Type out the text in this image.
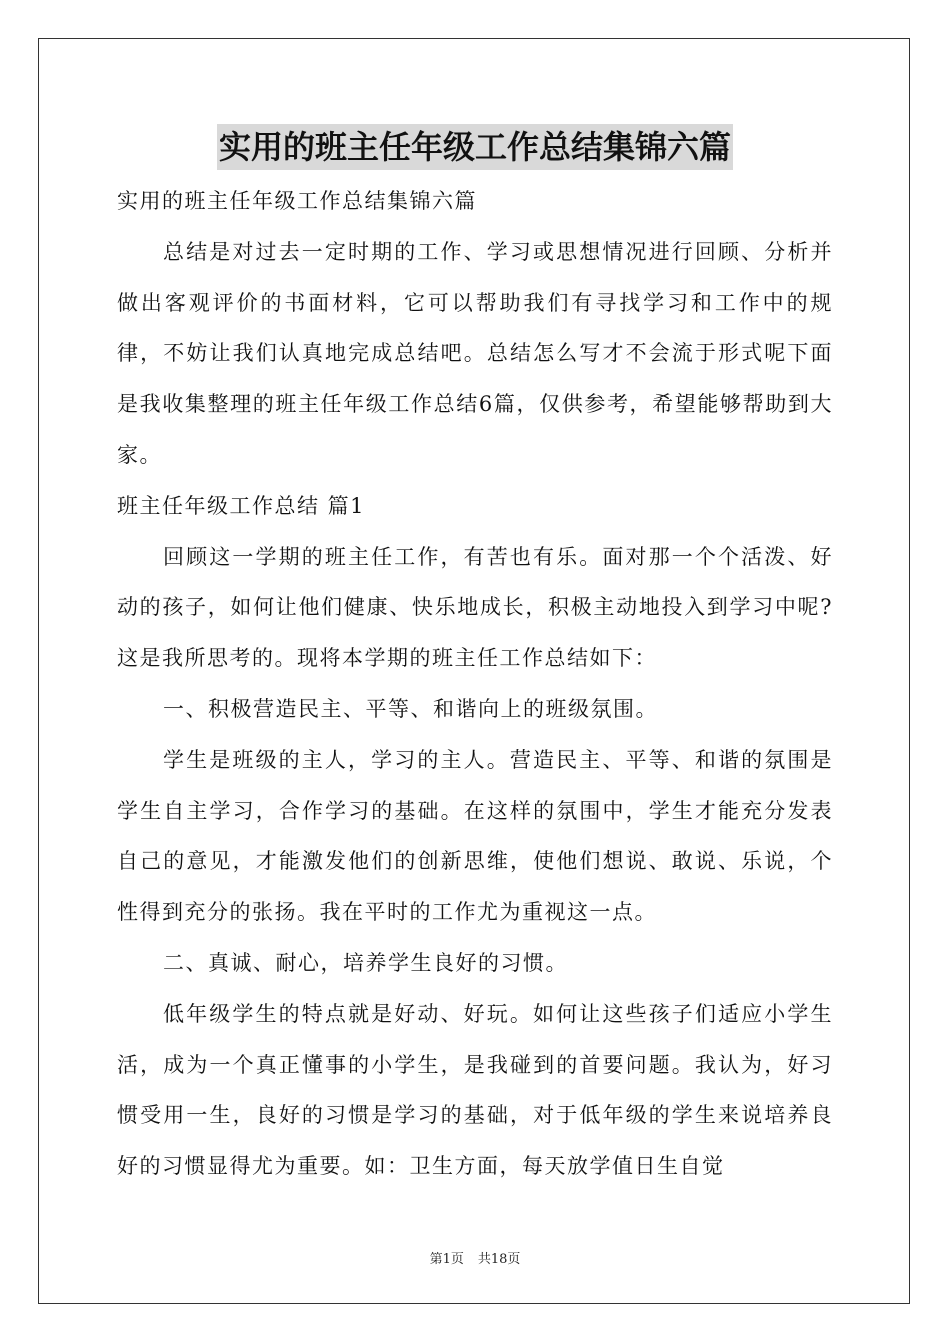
实用的班主任年级工作总结集锦六篇

实用的班主任年级工作总结集锦六篇

总结是对过去一定时期的工作、学习或思想情况进行回顾、分析并做出客观评价的书面材料，它可以帮助我们有寻找学习和工作中的规律，不妨让我们认真地完成总结吧。总结怎么写才不会流于形式呢下面是我收集整理的班主任年级工作总结6篇，仅供参考，希望能够帮助到大家。

班主任年级工作总结 篇1

回顾这一学期的班主任工作，有苦也有乐。面对那一个个活泼、好动的孩子，如何让他们健康、快乐地成长，积极主动地投入到学习中呢?这是我所思考的。现将本学期的班主任工作总结如下：

一、积极营造民主、平等、和谐向上的班级氛围。

学生是班级的主人，学习的主人。营造民主、平等、和谐的氛围是学生自主学习，合作学习的基础。在这样的氛围中，学生才能充分发表自己的意见，才能激发他们的创新思维，使他们想说、敢说、乐说，个性得到充分的张扬。我在平时的工作尤为重视这一点。

二、真诚、耐心，培养学生良好的习惯。

低年级学生的特点就是好动、好玩。如何让这些孩子们适应小学生活，成为一个真正懂事的小学生，是我碰到的首要问题。我认为，好习惯受用一生，良好的习惯是学习的基础，对于低年级的学生来说培养良好的习惯显得尤为重要。如：卫生方面，每天放学值日生自觉

第1页 共18页
